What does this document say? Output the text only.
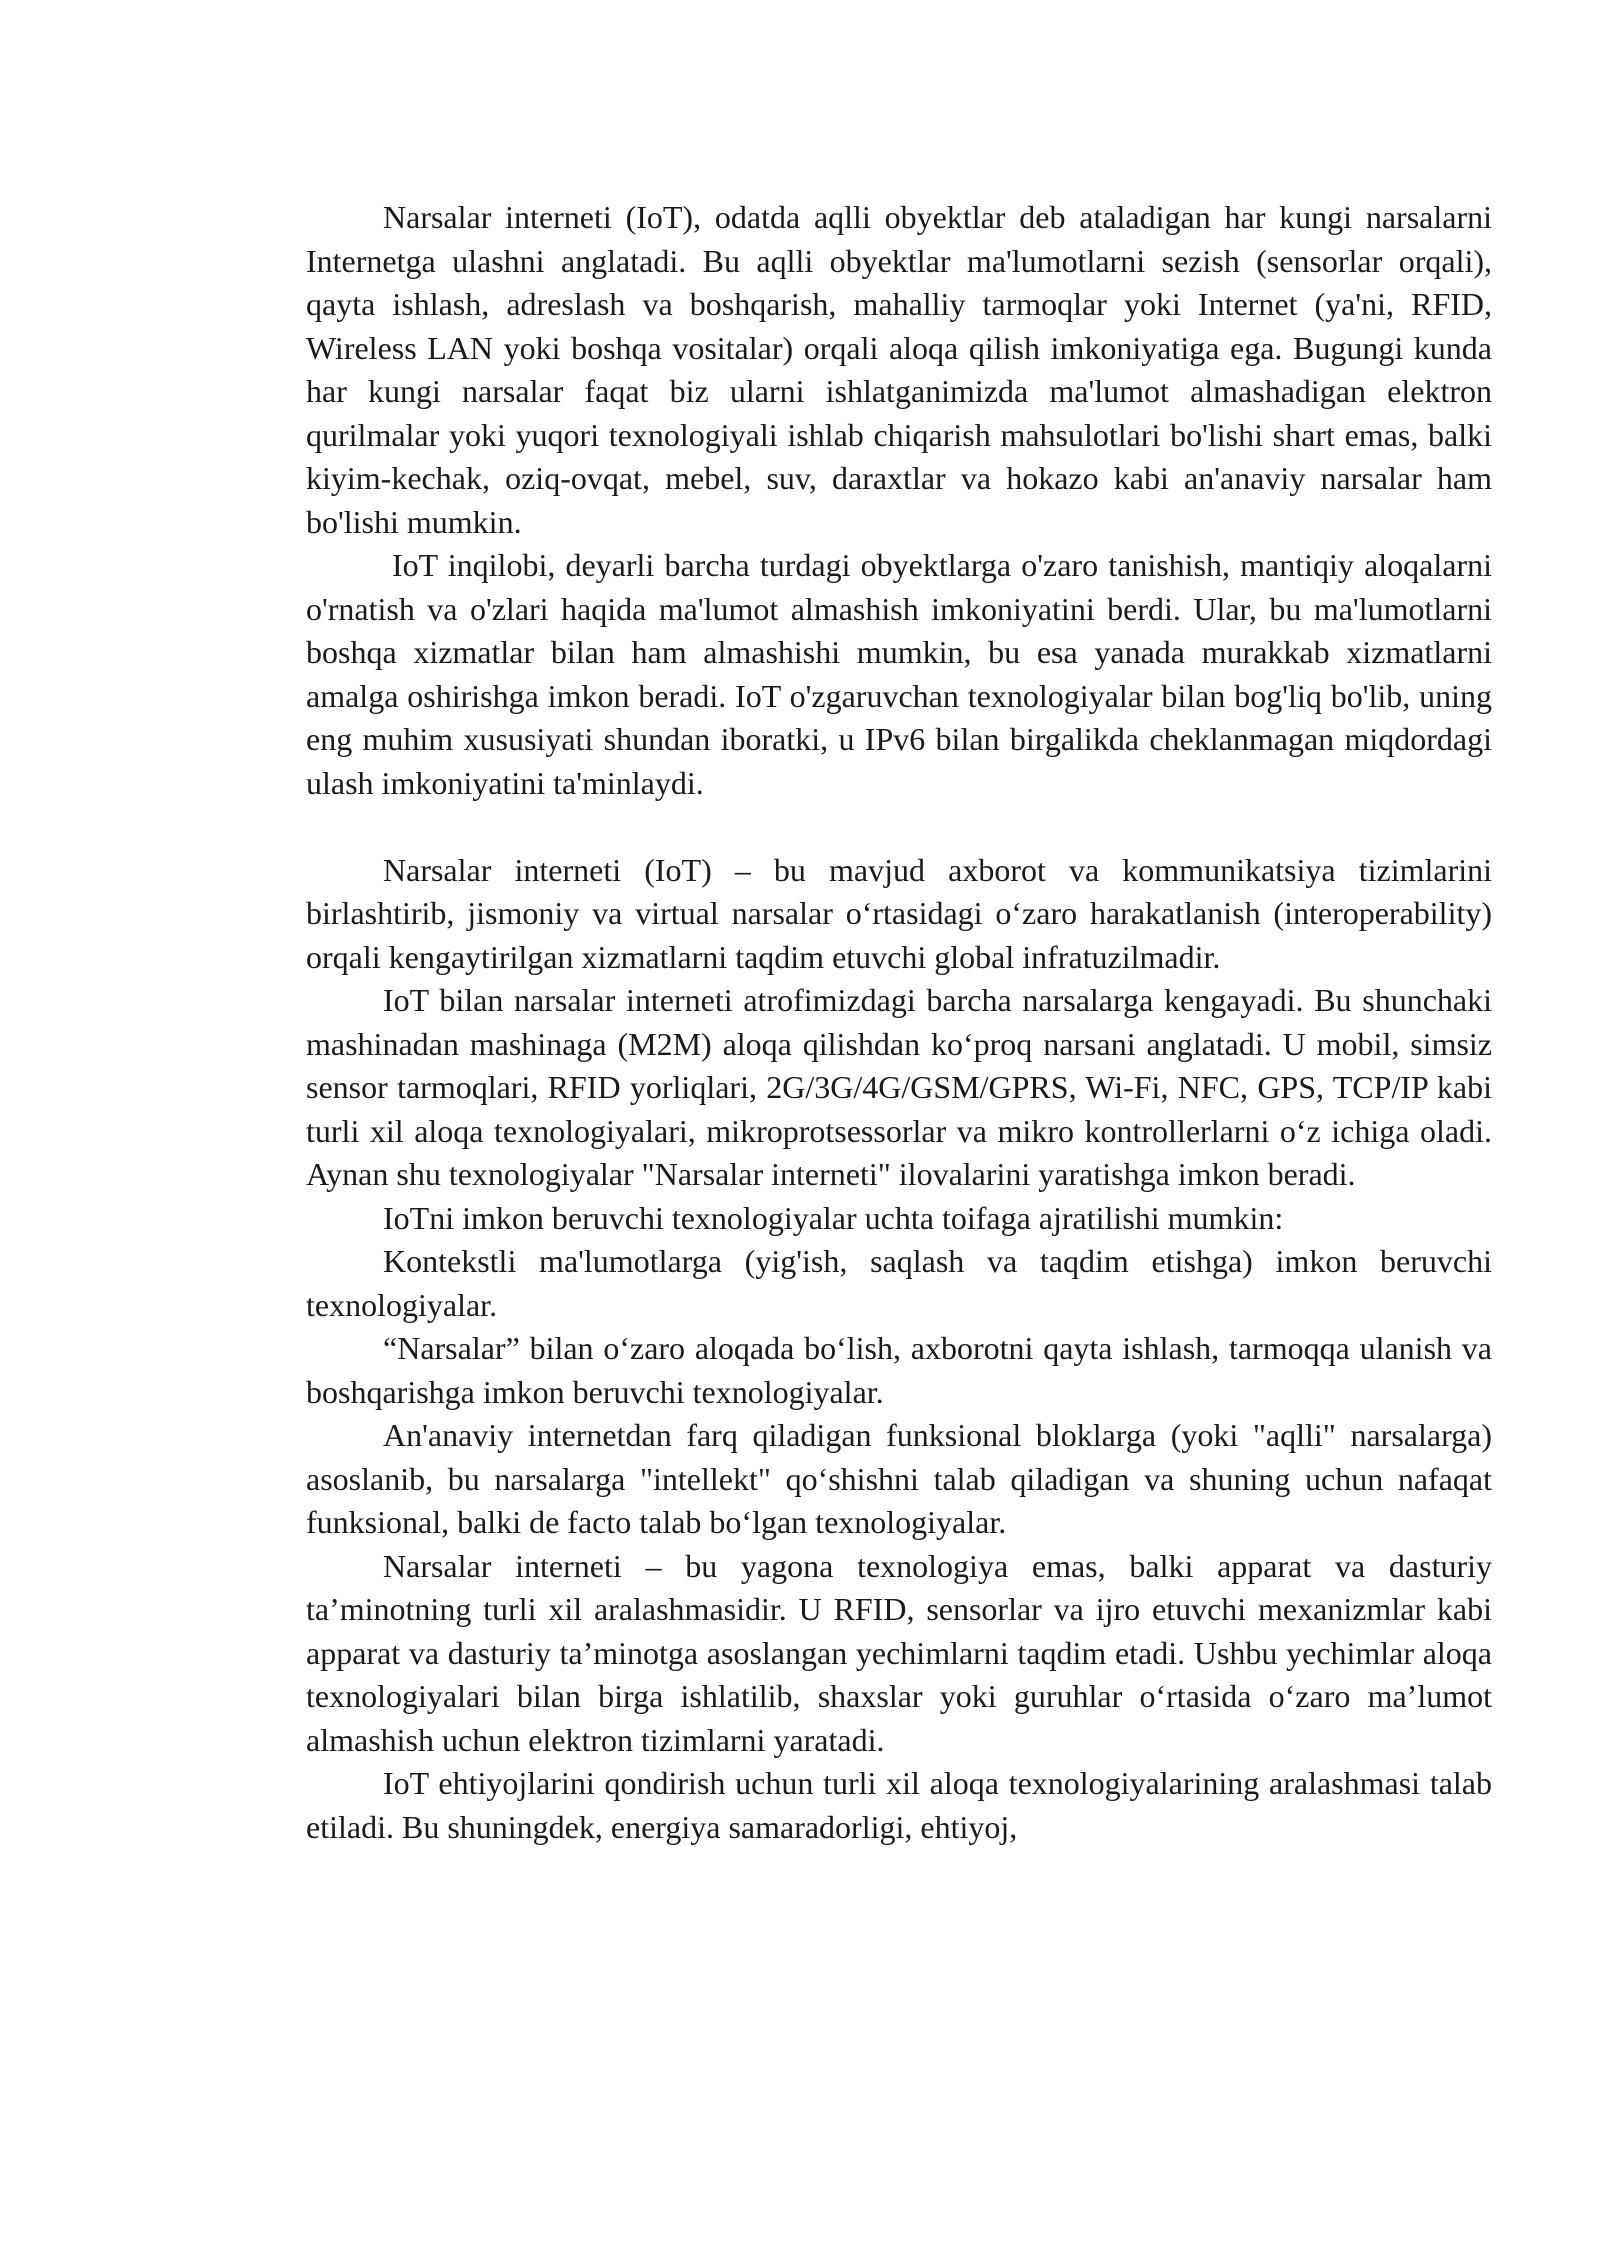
Narsalar interneti (IoT), odatda aqlli obyektlar deb ataladigan har kungi narsalarni Internetga ulashni anglatadi. Bu aqlli obyektlar ma'lumotlarni sezish (sensorlar orqali), qayta ishlash, adreslash va boshqarish, mahalliy tarmoqlar yoki Internet (ya'ni, RFID, Wireless LAN yoki boshqa vositalar) orqali aloqa qilish imkoniyatiga ega. Bugungi kunda har kungi narsalar faqat biz ularni ishlatganimizda ma'lumot almashadigan elektron qurilmalar yoki yuqori texnologiyali ishlab chiqarish mahsulotlari bo'lishi shart emas, balki kiyim-kechak, oziq-ovqat, mebel, suv, daraxtlar va hokazo kabi an'anaviy narsalar ham bo'lishi mumkin.

IoT inqilobi, deyarli barcha turdagi obyektlarga o'zaro tanishish, mantiqiy aloqalarni o'rnatish va o'zlari haqida ma'lumot almashish imkoniyatini berdi. Ular, bu ma'lumotlarni boshqa xizmatlar bilan ham almashishi mumkin, bu esa yanada murakkab xizmatlarni amalga oshirishga imkon beradi. IoT o'zgaruvchan texnologiyalar bilan bog'liq bo'lib, uning eng muhim xususiyati shundan iboratki, u IPv6 bilan birgalikda cheklanmagan miqdordagi ulash imkoniyatini ta'minlaydi.

Narsalar interneti (IoT) – bu mavjud axborot va kommunikatsiya tizimlarini birlashtirib, jismoniy va virtual narsalar o‘rtasidagi o‘zaro harakatlanish (interoperability) orqali kengaytirilgan xizmatlarni taqdim etuvchi global infratuzilmadir.

IoT bilan narsalar interneti atrofimizdagi barcha narsalarga kengayadi. Bu shunchaki mashinadan mashinaga (M2M) aloqa qilishdan ko‘proq narsani anglatadi. U mobil, simsiz sensor tarmoqlari, RFID yorliqlari, 2G/3G/4G/GSM/GPRS, Wi-Fi, NFC, GPS, TCP/IP kabi turli xil aloqa texnologiyalari, mikroprotsessorlar va mikro kontrollerlarni o‘z ichiga oladi. Aynan shu texnologiyalar "Narsalar interneti" ilovalarini yaratishga imkon beradi.

IoTni imkon beruvchi texnologiyalar uchta toifaga ajratilishi mumkin:

Kontekstli ma'lumotlarga (yig'ish, saqlash va taqdim etishga) imkon beruvchi texnologiyalar.

“Narsalar” bilan o‘zaro aloqada bo‘lish, axborotni qayta ishlash, tarmoqqa ulanish va boshqarishga imkon beruvchi texnologiyalar.

An'anaviy internetdan farq qiladigan funksional bloklarga (yoki "aqlli" narsalarga) asoslanib, bu narsalarga "intellekt" qo‘shishni talab qiladigan va shuning uchun nafaqat funksional, balki de facto talab bo‘lgan texnologiyalar.

Narsalar interneti – bu yagona texnologiya emas, balki apparat va dasturiy ta’minotning turli xil aralashmasidir. U RFID, sensorlar va ijro etuvchi mexanizmlar kabi apparat va dasturiy ta’minotga asoslangan yechimlarni taqdim etadi. Ushbu yechimlar aloqa texnologiyalari bilan birga ishlatilib, shaxslar yoki guruhlar o‘rtasida o‘zaro ma’lumot almashish uchun elektron tizimlarni yaratadi.

IoT ehtiyojlarini qondirish uchun turli xil aloqa texnologiyalarining aralashmasi talab etiladi. Bu shuningdek, energiya samaradorligi, ehtiyoj,
